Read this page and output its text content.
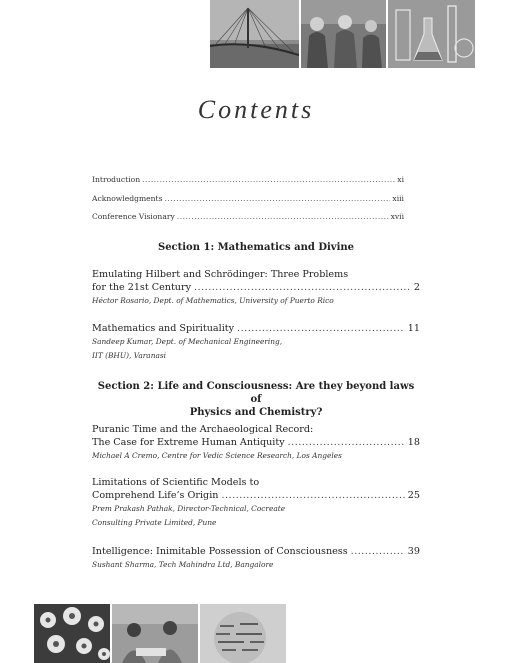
Contents
Introduction .....	xi
Acknowledgments .....	xiii
Conference Visionary .....	xvii
Section 1: Mathematics and Divine
Emulating Hilbert and Schrödinger: Three Problems
for the 21st Century .....	2
Héctor Rosario, Dept. of Mathematics, University of Puerto Rico
Mathematics and Spirituality .....	11
Sandeep Kumar, Dept. of Mechanical Engineering,
IIT (BHU), Varanasi
Section 2: Life and Consciousness: Are they beyond laws of
Physics and Chemistry?
Puranic Time and the Archaeological Record:
The Case for Extreme Human Antiquity .....	18
Michael A Cremo, Centre for Vedic Science Research, Los Angeles
Limitations of Scientific Models to
Comprehend Life’s Origin .....	25
Prem Prakash Pathak, Director-Technical, Cocreate
Consulting Private Limited, Pune
Intelligence: Inimitable Possession of Consciousness .....	39
Sushant Sharma, Tech Mahindra Ltd, Bangalore
